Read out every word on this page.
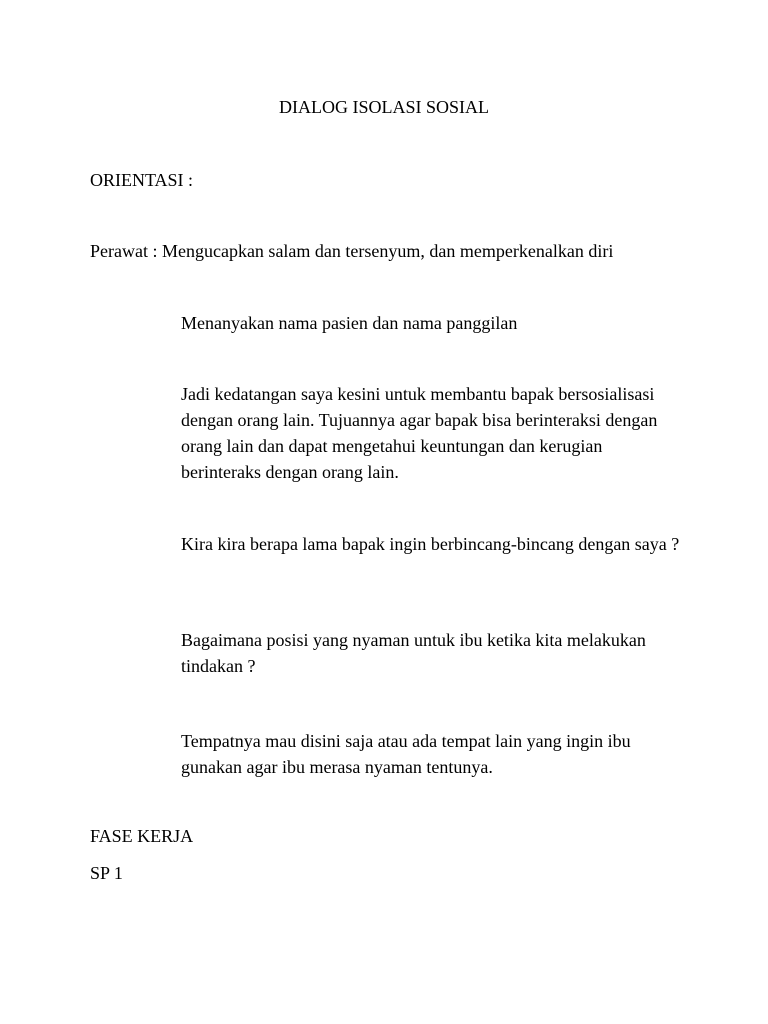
DIALOG ISOLASI SOSIAL
ORIENTASI :
Perawat : Mengucapkan salam dan tersenyum, dan memperkenalkan diri
Menanyakan nama pasien dan nama panggilan
Jadi kedatangan saya kesini untuk membantu bapak bersosialisasi dengan orang lain. Tujuannya agar bapak bisa berinteraksi dengan orang lain dan dapat mengetahui keuntungan dan kerugian berinteraks dengan orang lain.
Kira kira berapa lama bapak ingin berbincang-bincang dengan saya ?
Bagaimana posisi yang nyaman untuk ibu ketika kita melakukan tindakan ?
Tempatnya mau disini saja atau ada tempat lain yang ingin ibu gunakan agar ibu merasa nyaman tentunya.
FASE KERJA
SP 1
